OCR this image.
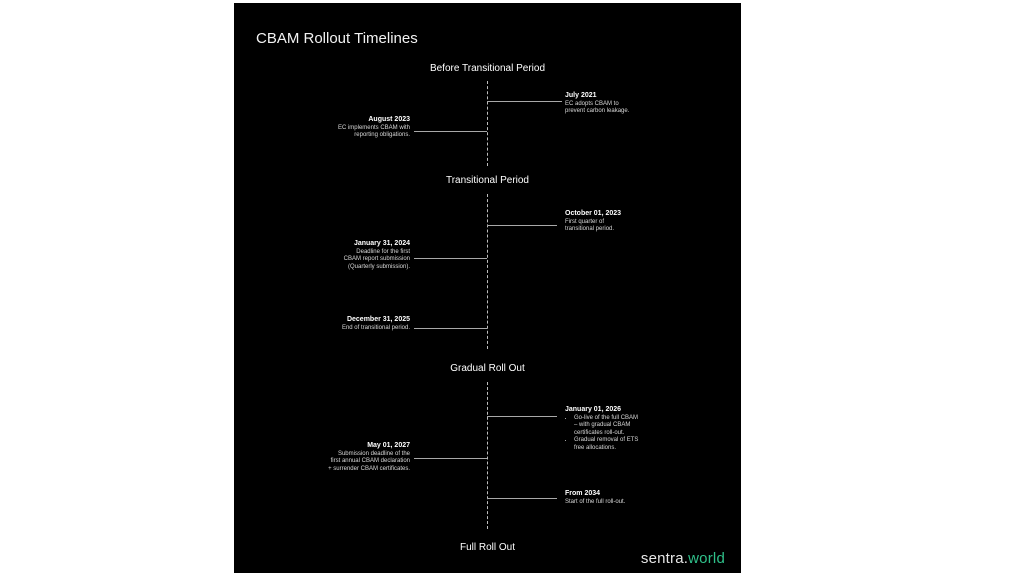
CBAM Rollout Timelines
Before Transitional Period
Transitional Period
Gradual Roll Out
Full Roll Out
July 2021
EC adopts CBAM to
prevent carbon leakage.
October 01, 2023
First quarter of
transitional period.
January 01, 2026
• Go-live of the full CBAM
– with gradual CBAM
certificates roll-out.
• Gradual removal of ETS
free allocations.
From 2034
Start of the full roll-out.
August 2023
EC implements CBAM with
reporting obligations.
January 31, 2024
Deadline for the first
CBAM report submission
(Quarterly submission).
December 31, 2025
End of transitional period.
May 01, 2027
Submission deadline of the
first annual CBAM declaration
+ surrender CBAM certificates.
sentra.world
